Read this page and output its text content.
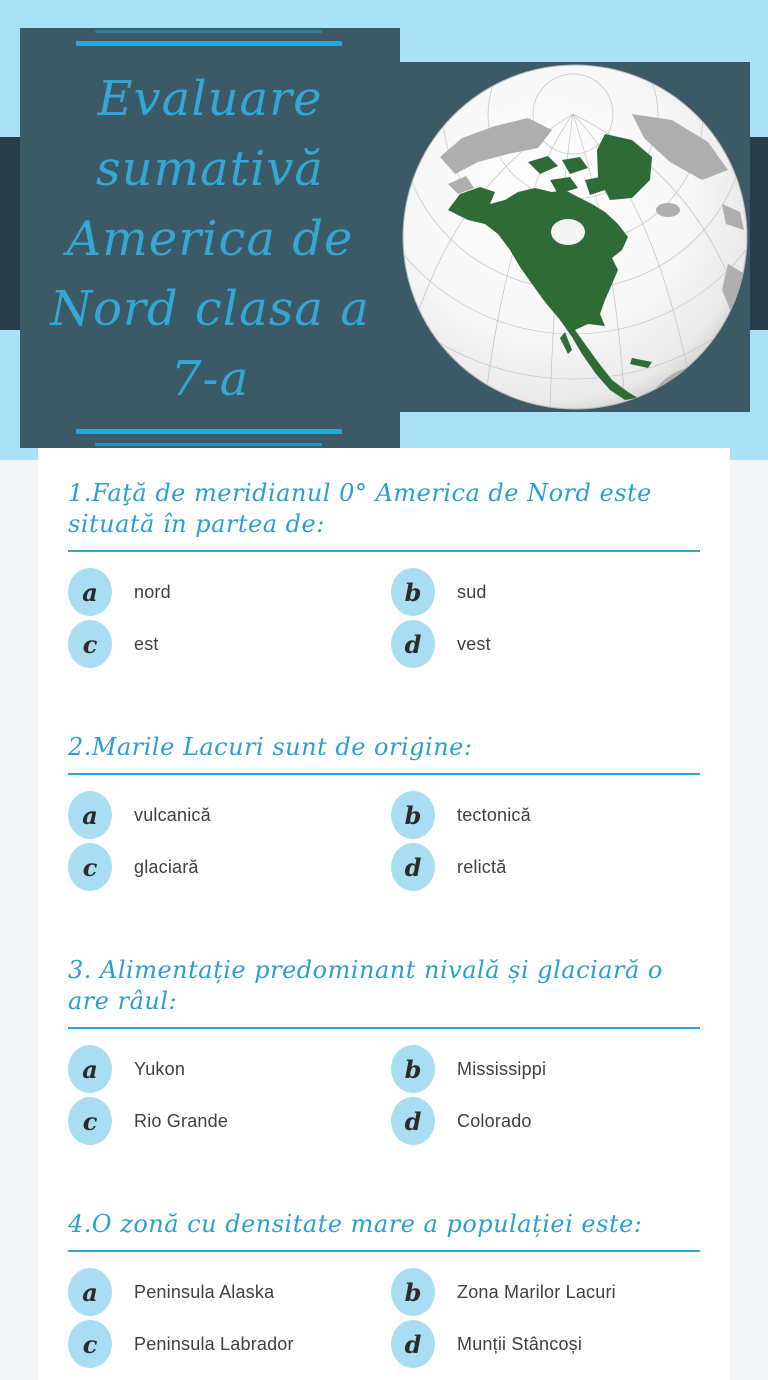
Evaluare
sumativă
America de
Nord clasa a
7-a
1.Faţă de meridianul 0° America de Nord este situată în partea de:
a	nord	b	sud
c	est	d	vest
2.Marile Lacuri sunt de origine:
a	vulcanică	b	tectonică
c	glaciară	d	relictă
3. Alimentație predominant nivală și glaciară o are râul:
a	Yukon	b	Mississippi
c	Rio Grande	d	Colorado
4.O zonă cu densitate mare a populației este:
a	Peninsula Alaska	b	Zona Marilor Lacuri
c	Peninsula Labrador	d	Munții Stâncoși
